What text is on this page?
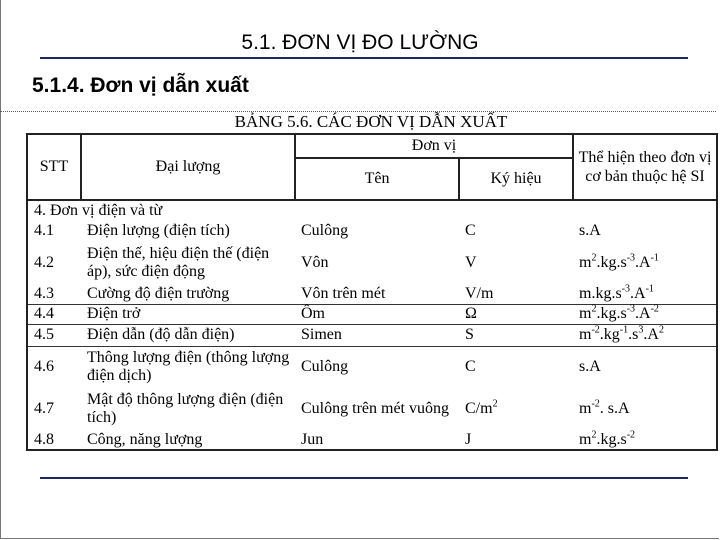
5.1. ĐƠN VỊ ĐO LƯỜNG
5.1.4. Đơn vị dẫn xuất
BẢNG 5.6. CÁC ĐƠN VỊ DẪN XUẤT
STT	Đại lượng	Đơn vị		Thể hiện theo đơn vị cơ bản thuộc hệ SI
		Tên	Ký hiệu	
4. Đơn vị điện và từ				
4.1	Điện lượng (điện tích)	Culông	C	s.A
4.2	Điện thế, hiệu điện thế (điện áp), sức điện động	Vôn	V	$m^2.kg.s^{-3}.A^{-1}$
4.3	Cường độ điện trường	Vôn trên mét	V/m	$m.kg.s^{-3}.A^{-1}$
4.4	Điện trở	Ôm	Ω	$m^2.kg.s^{-3}.A^{-2}$
4.5	Điện dẫn (độ dẫn điện)	Simen	S	$m^{-2}.kg^{-1}.s^3.A^2$
4.6	Thông lượng điện (thông lượng điện dịch)	Culông	C	s.A
4.7	Mật độ thông lượng điện (điện tích)	Culông trên mét vuông	$C/m^2$	$m^{-2}$. s.A
4.8	Công, năng lượng	Jun	J	$m^2.kg.s^{-2}$
